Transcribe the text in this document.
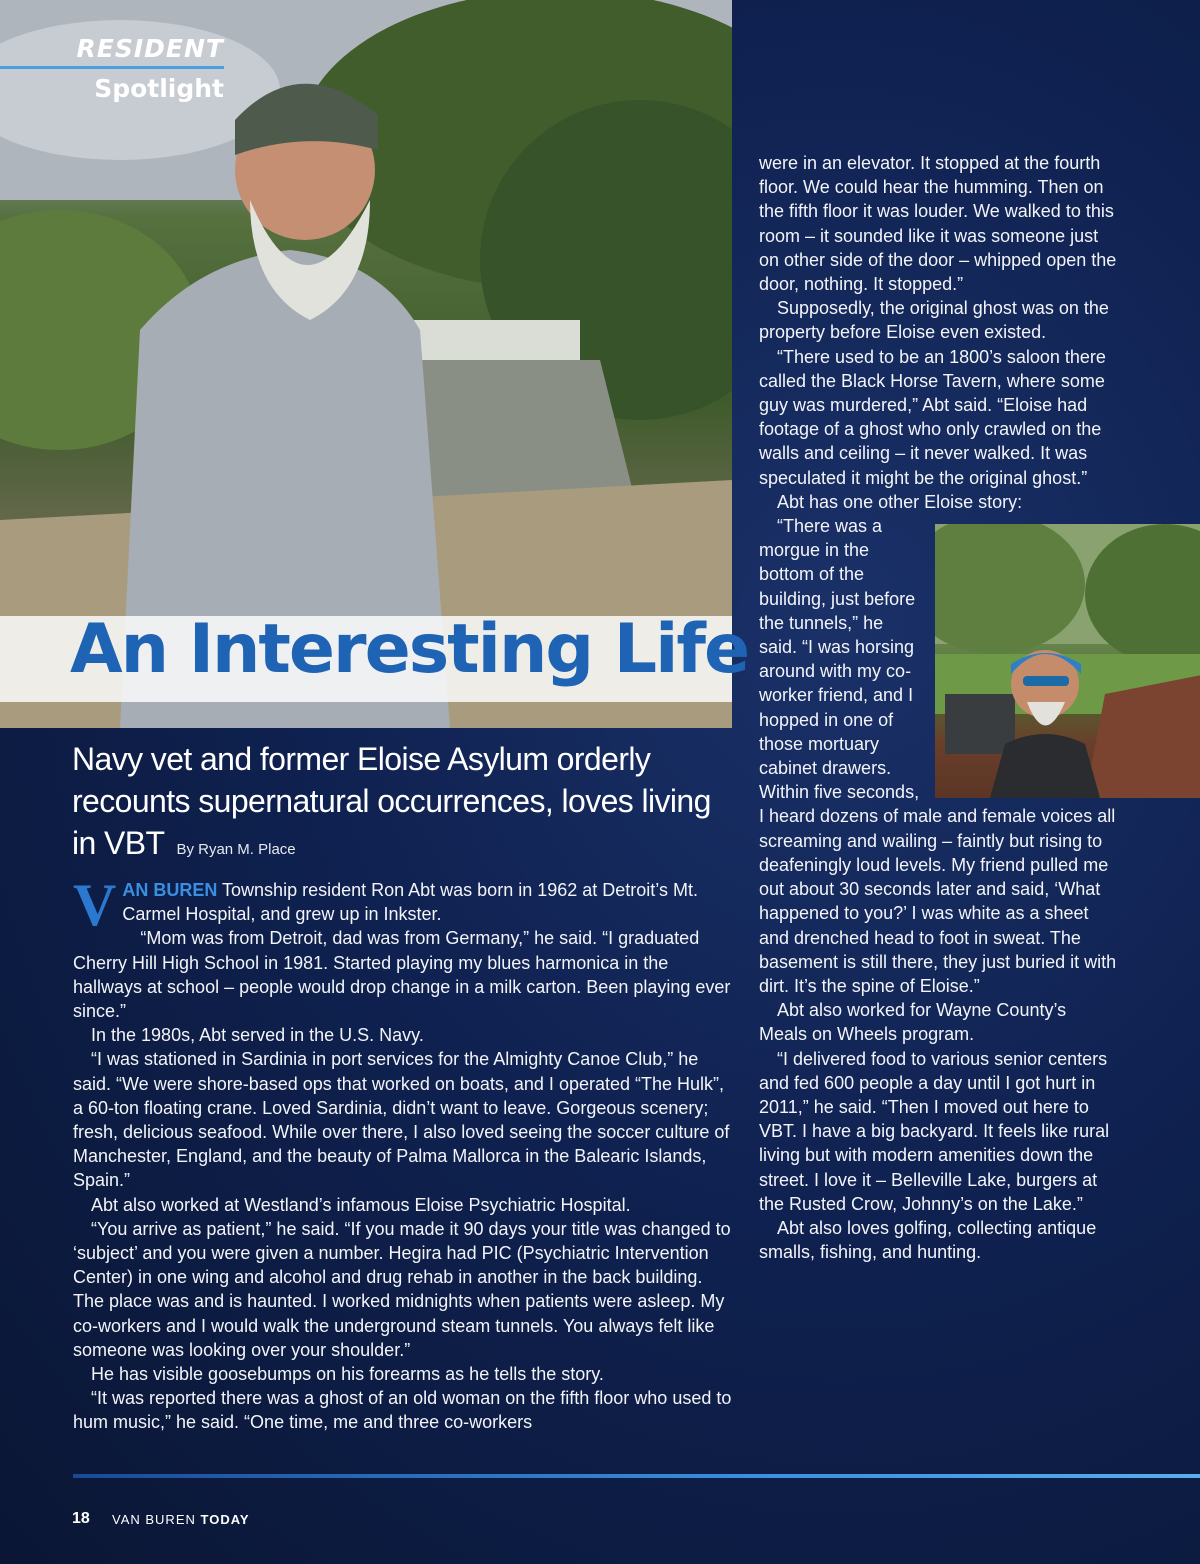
RESIDENT
Spotlight
An Interesting Life
Navy vet and former Eloise Asylum orderly recounts supernatural occurrences, loves living in VBT By Ryan M. Place

VAN BUREN Township resident Ron Abt was born in 1962 at Detroit’s Mt. Carmel Hospital, and grew up in Inkster.

“Mom was from Detroit, dad was from Germany,” he said. “I graduated Cherry Hill High School in 1981. Started playing my blues harmonica in the hallways at school – people would drop change in a milk carton. Been playing ever since.”

In the 1980s, Abt served in the U.S. Navy.

“I was stationed in Sardinia in port services for the Almighty Canoe Club,” he said. “We were shore-based ops that worked on boats, and I operated “The Hulk”, a 60-ton floating crane. Loved Sardinia, didn’t want to leave. Gorgeous scenery; fresh, delicious seafood. While over there, I also loved seeing the soccer culture of Manchester, England, and the beauty of Palma Mallorca in the Balearic Islands, Spain.”

Abt also worked at Westland’s infamous Eloise Psychiatric Hospital.

“You arrive as patient,” he said. “If you made it 90 days your title was changed to ‘subject’ and you were given a number. Hegira had PIC (Psychiatric Intervention Center) in one wing and alcohol and drug rehab in another in the back building. The place was and is haunted. I worked midnights when patients were asleep. My co-workers and I would walk the underground steam tunnels. You always felt like someone was looking over your shoulder.”

He has visible goosebumps on his forearms as he tells the story.

“It was reported there was a ghost of an old woman on the fifth floor who used to hum music,” he said. “One time, me and three co-workers

were in an elevator. It stopped at the fourth floor. We could hear the humming. Then on the fifth floor it was louder. We walked to this room – it sounded like it was someone just on other side of the door – whipped open the door, nothing. It stopped.”

Supposedly, the original ghost was on the property before Eloise even existed.

“There used to be an 1800’s saloon there called the Black Horse Tavern, where some guy was murdered,” Abt said. “Eloise had footage of a ghost who only crawled on the walls and ceiling – it never walked. It was speculated it might be the original ghost.”

Abt has one other Eloise story:

“There was a morgue in the bottom of the building, just before the tunnels,” he said. “I was horsing around with my co-worker friend, and I hopped in one of those mortuary cabinet drawers. Within five seconds, I heard dozens of male and female voices all screaming and wailing – faintly but rising to deafeningly loud levels. My friend pulled me out about 30 seconds later and said, ‘What happened to you?’ I was white as a sheet and drenched head to foot in sweat. The basement is still there, they just buried it with dirt. It’s the spine of Eloise.”

Abt also worked for Wayne County’s Meals on Wheels program.

“I delivered food to various senior centers and fed 600 people a day until I got hurt in 2011,” he said. “Then I moved out here to VBT. I have a big backyard. It feels like rural living but with modern amenities down the street. I love it – Belleville Lake, burgers at the Rusted Crow, Johnny’s on the Lake.”

Abt also loves golfing, collecting antique smalls, fishing, and hunting.

18 VAN BUREN TODAY
